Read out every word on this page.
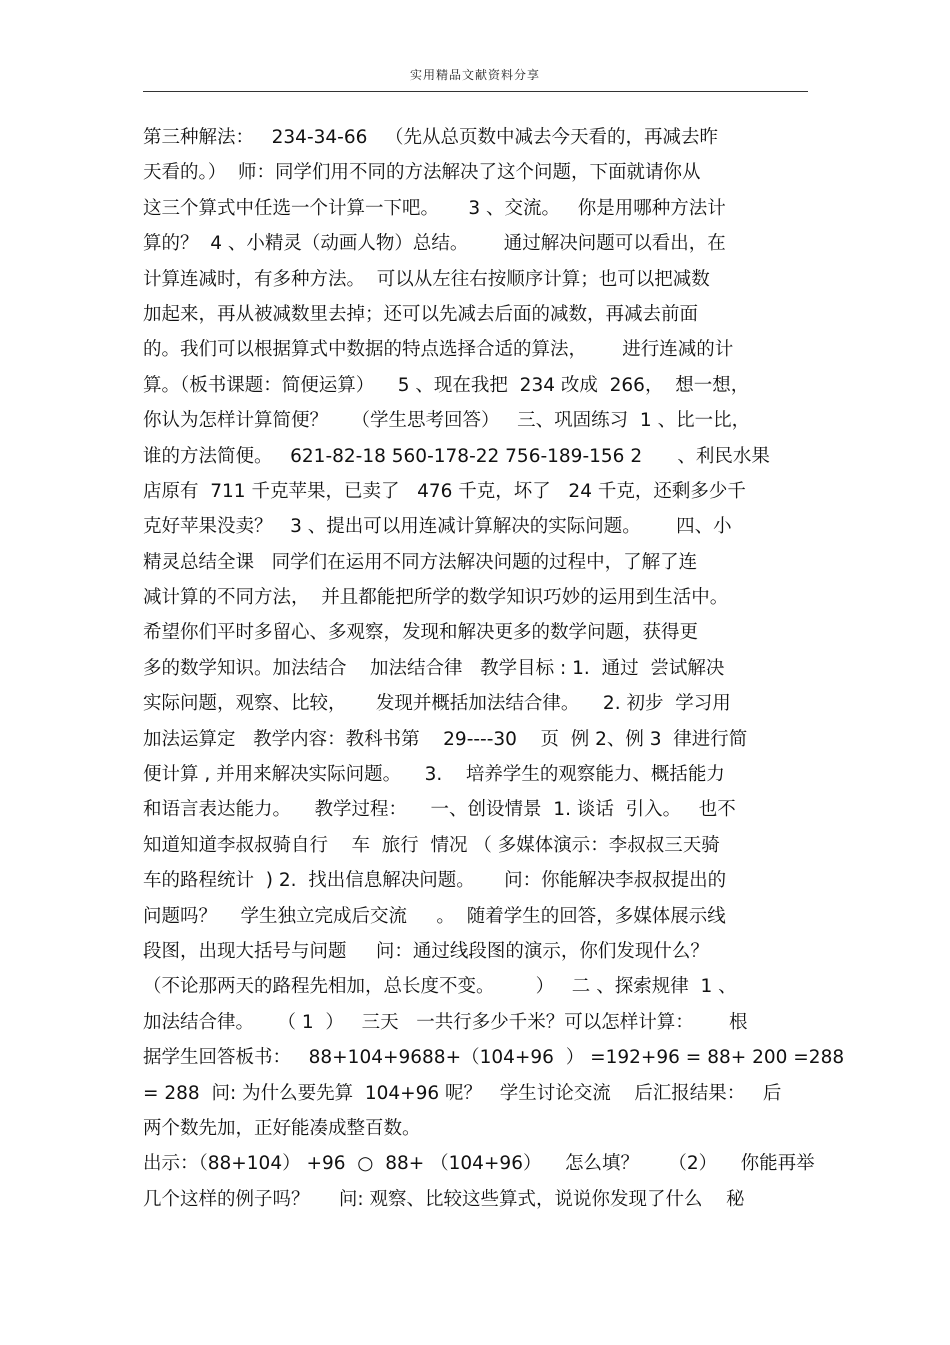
实用精品文献资料分享
第三种解法：   234-34-66   （先从总页数中减去今天看的，再减去昨
天看的。）  师：同学们用不同的方法解决了这个问题，下面就请你从
这三个算式中任选一个计算一下吧。     3 、交流。   你是用哪种方法计
算的？  4 、小精灵（动画人物）总结。      通过解决问题可以看出，在
计算连减时，有多种方法。  可以从左往右按顺序计算；也可以把减数
加起来，再从被减数里去掉；还可以先减去后面的减数，再减去前面
的。我们可以根据算式中数据的特点选择合适的算法，      进行连减的计
算。（板书课题：简便运算）    5 、现在我把  234 改成  266，  想一想，
你认为怎样计算简便？    （学生思考回答）   三、巩固练习  1 、比一比，
谁的方法简便。   621-82-18 560-178-22 756-189-156 2      、利民水果
店原有  711 千克苹果，已卖了   476 千克，坏了   24 千克，还剩多少千
克好苹果没卖？   3 、提出可以用连减计算解决的实际问题。      四、小
精灵总结全课   同学们在运用不同方法解决问题的过程中，了解了连
减计算的不同方法，  并且都能把所学的数学知识巧妙的运用到生活中。
希望你们平时多留心、多观察，发现和解决更多的数学问题，获得更
多的数学知识。加法结合    加法结合律   教学目标 : 1.  通过  尝试解决
实际问题，观察、比较，     发现并概括加法结合律。    2. 初步  学习用
加法运算定   教学内容：教科书第    29----30    页  例 2、例 3  律进行简
便计算 , 并用来解决实际问题。    3.    培养学生的观察能力、概括能力
和语言表达能力。    教学过程：    一、创设情景  1. 谈话  引入。   也不
知道知道李叔叔骑自行    车  旅行  情况 （ 多媒体演示：李叔叔三天骑
车的路程统计  ) 2.  找出信息解决问题。     问：你能解决李叔叔提出的
问题吗？    学生独立完成后交流     。  随着学生的回答，多媒体展示线
段图，出现大括号与问题     问：通过线段图的演示，你们发现什么？
（不论那两天的路程先相加，总长度不变。       ）   二 、探索规律  1 、
加法结合律。    （ 1  ）   三天   一共行多少千米？可以怎样计算：      根
据学生回答板书：   88+104+9688+（104+96  ） =192+96 = 88+ 200 =288
= 288  问: 为什么要先算  104+96 呢？   学生讨论交流    后汇报结果：   后
两个数先加，正好能凑成整百数。
出示：（88+104） +96  ○  88+ （104+96）    怎么填？     （2）    你能再举
几个这样的例子吗？     问: 观察、比较这些算式，说说你发现了什么    秘
